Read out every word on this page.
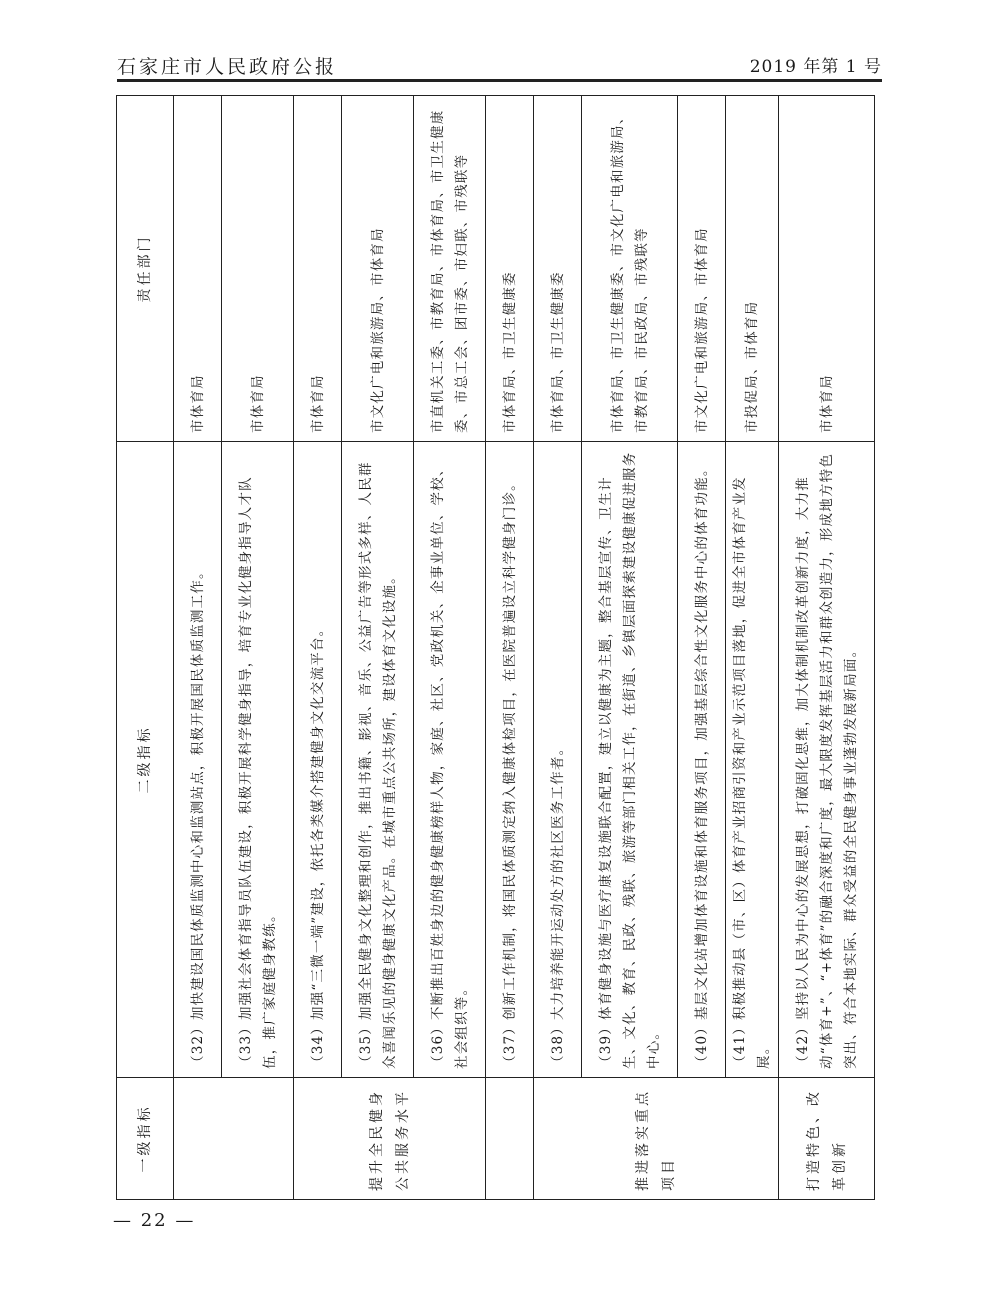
石家庄市人民政府公报	2019 年第 1 号
一级指标	二级指标	责任部门
	（32）加快建设国民体质监测中心和监测站点，积极开展国民体质监测工作。	市体育局
	（33）加强社会体育指导员队伍建设，积极开展科学健身指导，培育专业化健身指导人才队伍，推广家庭健身教练。	市体育局
提升全民健身公共服务水平	（34）加强“三微一端”建设，依托各类媒介搭建健身文化交流平台。	市体育局
	（35）加强全民健身文化整理和创作，推出书籍、影视、音乐、公益广告等形式多样、人民群众喜闻乐见的健身健康文化产品。在城市重点公共场所，建设体育文化设施。	市文化广电和旅游局、市体育局
	（36）不断推出百姓身边的健身健康榜样人物，家庭、社区、党政机关、企事业单位、学校、社会组织等。	市直机关工委、市教育局、市体育局、市卫生健康委、市总工会、团市委、市妇联、市残联等
	（37）创新工作机制，将国民体质测定纳入健康体检项目，在医院普遍设立科学健身门诊。	市体育局、市卫生健康委
推进落实重点项目	（38）大力培养能开运动处方的社区医务工作者。	市体育局、市卫生健康委
	（39）体育健身设施与医疗康复设施联合配置，建立以健康为主题，整合基层宣传、卫生计生、文化、教育、民政、残联、旅游等部门相关工作，在街道、乡镇层面探索建设健康促进服务中心。	市体育局、市卫生健康委、市文化广电和旅游局、市教育局、市民政局、市残联等
	（40）基层文化站增加体育设施和体育服务项目，加强基层综合性文化服务中心的体育功能。	市文化广电和旅游局、市体育局
	（41）积极推动县（市、区）体育产业招商引资和产业示范项目落地，促进全市体育产业发展。	市投促局、市体育局
打造特色、改革创新	（42）坚持以人民为中心的发展思想，打破固化思维，加大体制机制改革创新力度，大力推动“体育+”、“+体育”的融合深度和广度，最大限度发挥基层活力和群众创造力，形成地方特色突出、符合本地实际、群众受益的全民健身事业蓬勃发展新局面。	市体育局
— 22 —
